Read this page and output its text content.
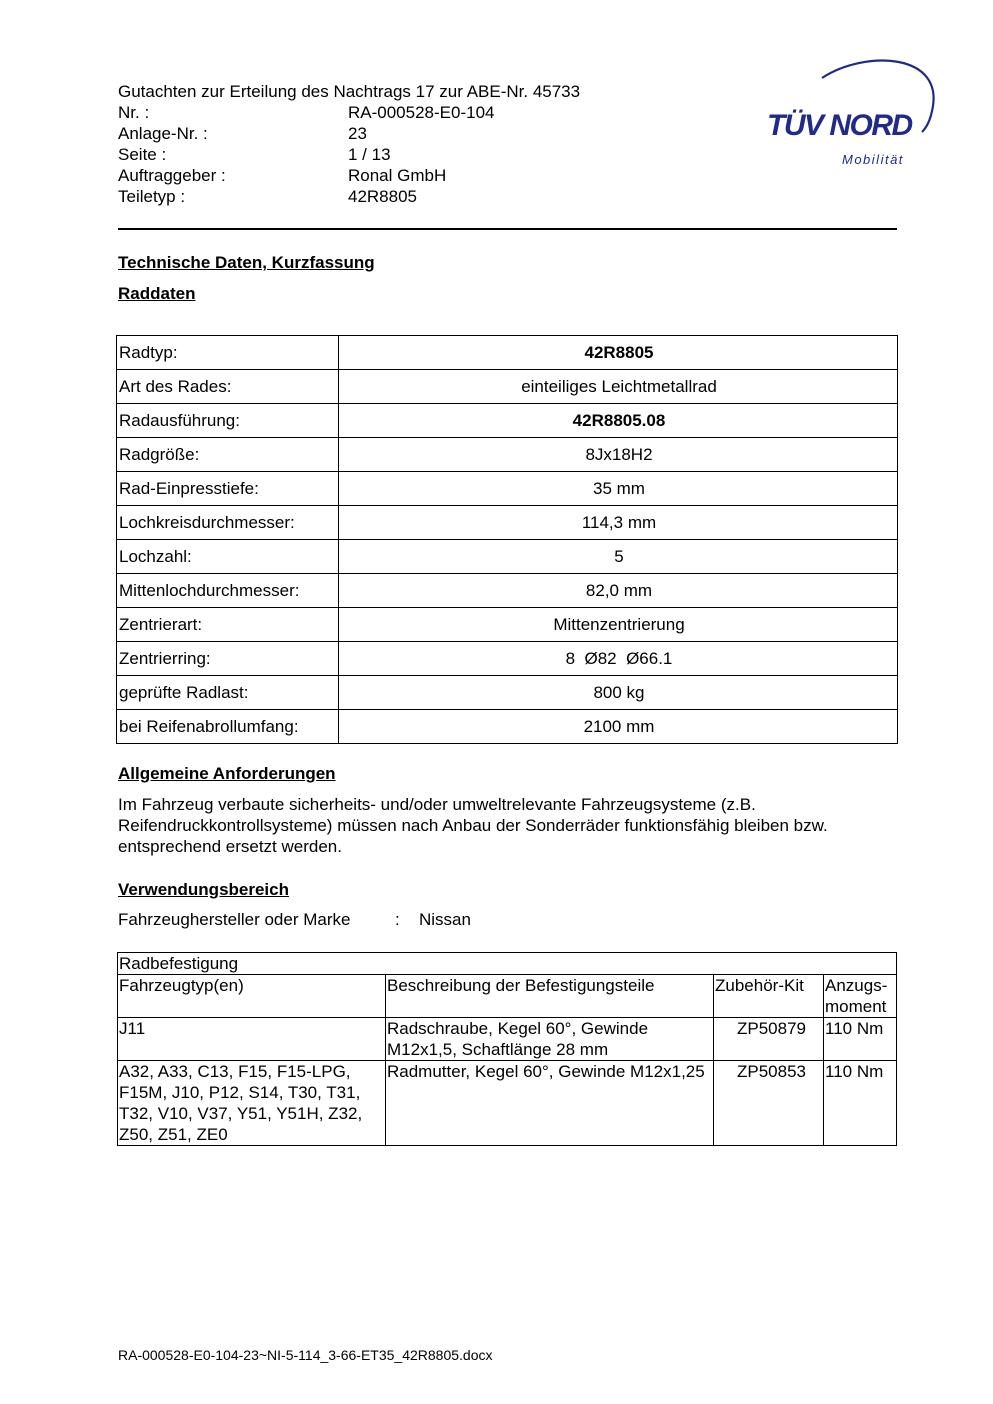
Gutachten zur Erteilung des Nachtrags 17 zur ABE-Nr. 45733
Nr. :	RA-000528-E0-104
Anlage-Nr. :	23
Seite :	1 / 13
Auftraggeber :	Ronal GmbH
Teiletyp :	42R8805
TÜV NORD
Mobilität
Technische Daten, Kurzfassung
Raddaten
Radtyp:	42R8805
Art des Rades:	einteiliges Leichtmetallrad
Radausführung:	42R8805.08
Radgröße:	8Jx18H2
Rad-Einpresstiefe:	35 mm
Lochkreisdurchmesser:	114,3 mm
Lochzahl:	5
Mittenlochdurchmesser:	82,0 mm
Zentrierart:	Mittenzentrierung
Zentrierring:	8  Ø82  Ø66.1
geprüfte Radlast:	800 kg
bei Reifenabrollumfang:	2100 mm
Allgemeine Anforderungen
Im Fahrzeug verbaute sicherheits- und/oder umweltrelevante Fahrzeugsysteme (z.B. Reifendruckkontrollsysteme) müssen nach Anbau der Sonderräder funktionsfähig bleiben bzw. entsprechend ersetzt werden.
Verwendungsbereich
Fahrzeughersteller oder Marke	:	Nissan
Radbefestigung			
Fahrzeugtyp(en)	Beschreibung der Befestigungsteile	Zubehör-Kit	Anzugs-moment
J11	Radschraube, Kegel 60°, Gewinde M12x1,5, Schaftlänge 28 mm	ZP50879	110 Nm
A32, A33, C13, F15, F15-LPG, F15M, J10, P12, S14, T30, T31, T32, V10, V37, Y51, Y51H, Z32, Z50, Z51, ZE0	Radmutter, Kegel 60°, Gewinde M12x1,25	ZP50853	110 Nm
RA-000528-E0-104-23~NI-5-114_3-66-ET35_42R8805.docx
